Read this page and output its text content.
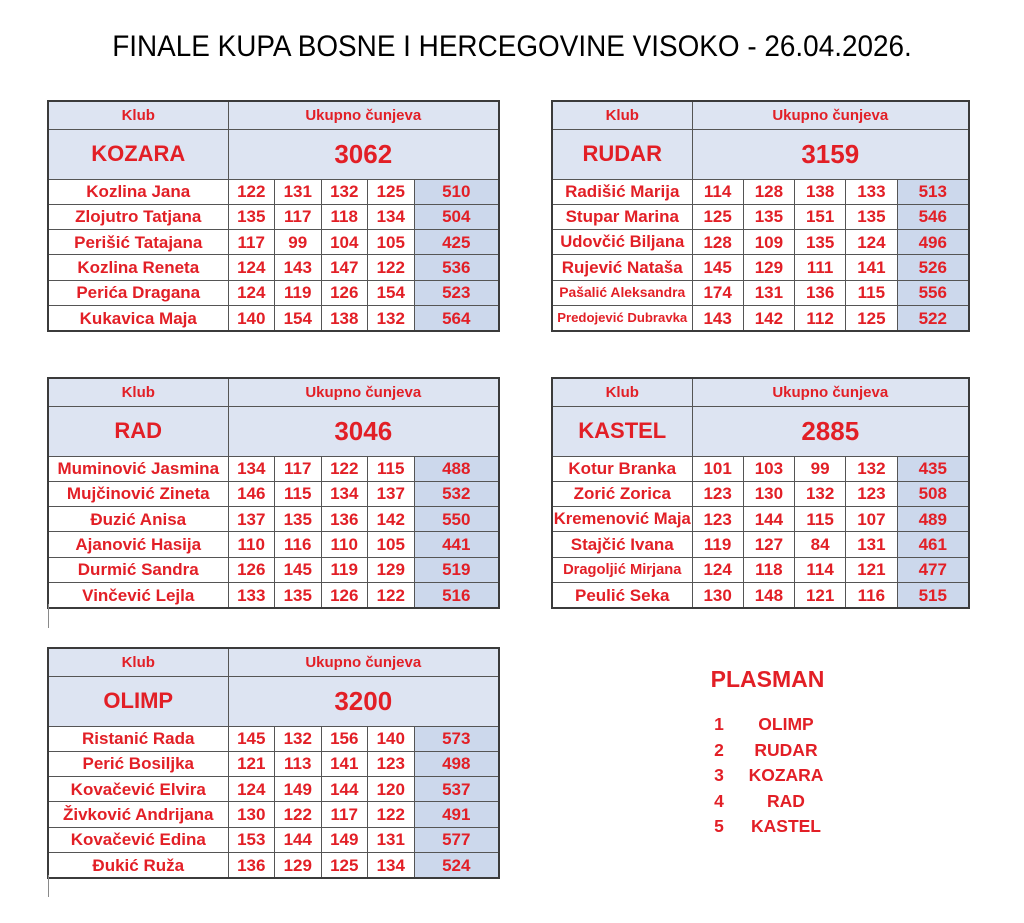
FINALE KUPA BOSNE I HERCEGOVINE VISOKO - 26.04.2026.
Klub	Ukupno čunjeva				
KOZARA	3062				
Kozlina Jana	122	131	132	125	510
Zlojutro Tatjana	135	117	118	134	504
Perišić Tatajana	117	99	104	105	425
Kozlina Reneta	124	143	147	122	536
Perića Dragana	124	119	126	154	523
Kukavica Maja	140	154	138	132	564
Klub	Ukupno čunjeva				
RUDAR	3159				
Radišić Marija	114	128	138	133	513
Stupar Marina	125	135	151	135	546
Udovčić Biljana	128	109	135	124	496
Rujević Nataša	145	129	111	141	526
Pašalić Aleksandra	174	131	136	115	556
Predojević Dubravka	143	142	112	125	522
Klub	Ukupno čunjeva				
RAD	3046				
Muminović Jasmina	134	117	122	115	488
Mujčinović Zineta	146	115	134	137	532
Đuzić Anisa	137	135	136	142	550
Ajanović Hasija	110	116	110	105	441
Durmić Sandra	126	145	119	129	519
Vinčević Lejla	133	135	126	122	516
Klub	Ukupno čunjeva				
KASTEL	2885				
Kotur Branka	101	103	99	132	435
Zorić Zorica	123	130	132	123	508
Kremenović Maja	123	144	115	107	489
Stajčić Ivana	119	127	84	131	461
Dragoljić Mirjana	124	118	114	121	477
Peulić Seka	130	148	121	116	515
Klub	Ukupno čunjeva				
OLIMP	3200				
Ristanić Rada	145	132	156	140	573
Perić Bosiljka	121	113	141	123	498
Kovačević Elvira	124	149	144	120	537
Živković Andrijana	130	122	117	122	491
Kovačević Edina	153	144	149	131	577
Đukić Ruža	136	129	125	134	524

PLASMAN

1	OLIMP
2	RUDAR
3	KOZARA
4	RAD
5	KASTEL
